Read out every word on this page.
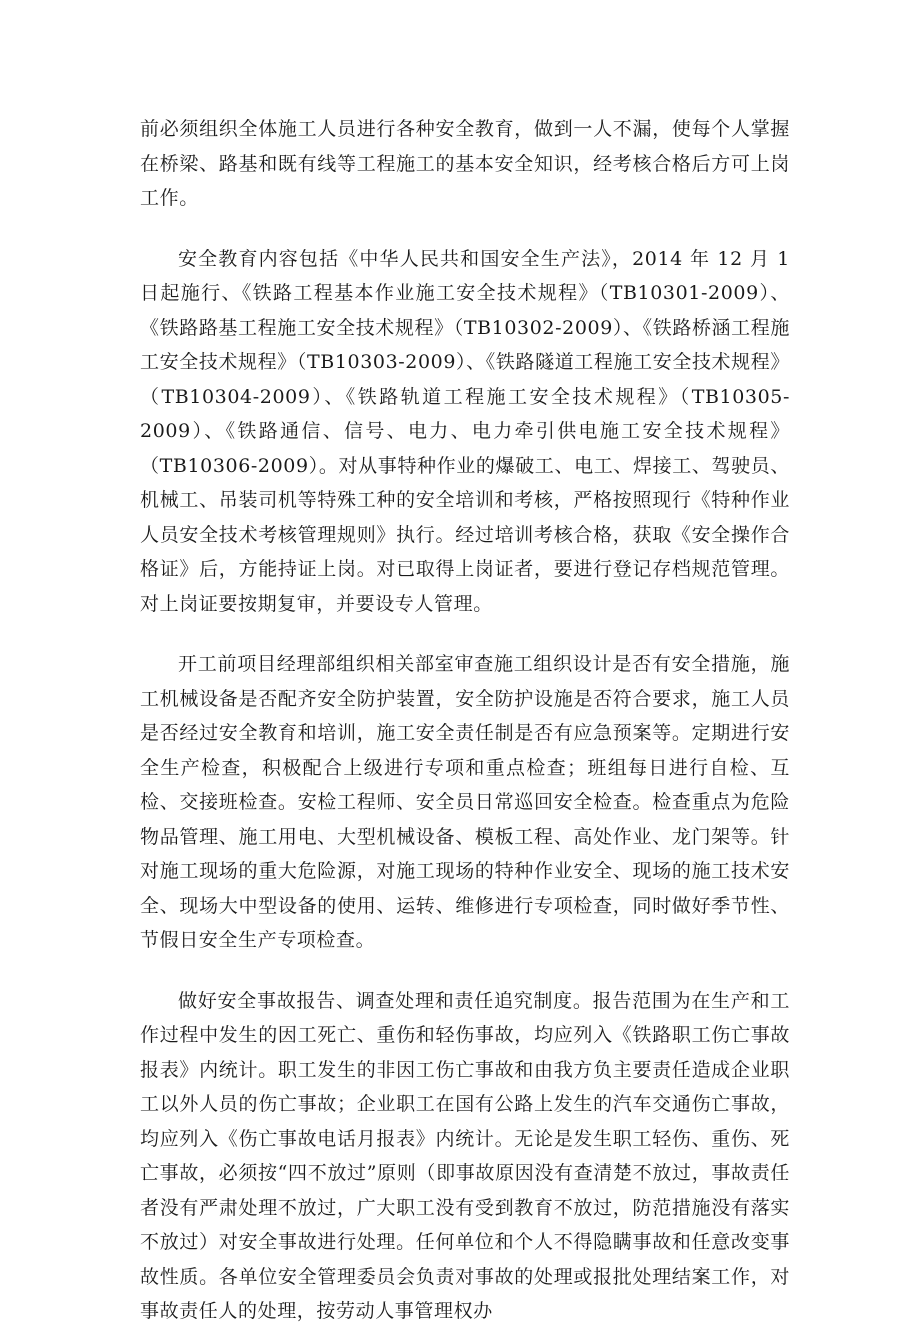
前必须组织全体施工人员进行各种安全教育，做到一人不漏，使每个人掌握在桥梁、路基和既有线等工程施工的基本安全知识，经考核合格后方可上岗工作。

安全教育内容包括《中华人民共和国安全生产法》，2014 年 12 月 1 日起施行、《铁路工程基本作业施工安全技术规程》（TB10301-2009）、《铁路路基工程施工安全技术规程》（TB10302-2009）、《铁路桥涵工程施工安全技术规程》（TB10303-2009）、《铁路隧道工程施工安全技术规程》（TB10304-2009）、《铁路轨道工程施工安全技术规程》（TB10305-2009）、《铁路通信、信号、电力、电力牵引供电施工安全技术规程》（TB10306-2009）。对从事特种作业的爆破工、电工、焊接工、驾驶员、机械工、吊装司机等特殊工种的安全培训和考核，严格按照现行《特种作业人员安全技术考核管理规则》执行。经过培训考核合格，获取《安全操作合格证》后，方能持证上岗。对已取得上岗证者，要进行登记存档规范管理。对上岗证要按期复审，并要设专人管理。

开工前项目经理部组织相关部室审查施工组织设计是否有安全措施，施工机械设备是否配齐安全防护装置，安全防护设施是否符合要求，施工人员是否经过安全教育和培训，施工安全责任制是否有应急预案等。定期进行安全生产检查，积极配合上级进行专项和重点检查；班组每日进行自检、互检、交接班检查。安检工程师、安全员日常巡回安全检查。检查重点为危险物品管理、施工用电、大型机械设备、模板工程、高处作业、龙门架等。针对施工现场的重大危险源，对施工现场的特种作业安全、现场的施工技术安全、现场大中型设备的使用、运转、维修进行专项检查，同时做好季节性、节假日安全生产专项检查。

做好安全事故报告、调查处理和责任追究制度。报告范围为在生产和工作过程中发生的因工死亡、重伤和轻伤事故，均应列入《铁路职工伤亡事故报表》内统计。职工发生的非因工伤亡事故和由我方负主要责任造成企业职工以外人员的伤亡事故；企业职工在国有公路上发生的汽车交通伤亡事故，均应列入《伤亡事故电话月报表》内统计。无论是发生职工轻伤、重伤、死亡事故，必须按“四不放过”原则（即事故原因没有查清楚不放过，事故责任者没有严肃处理不放过，广大职工没有受到教育不放过，防范措施没有落实不放过）对安全事故进行处理。任何单位和个人不得隐瞒事故和任意改变事故性质。各单位安全管理委员会负责对事故的处理或报批处理结案工作，对事故责任人的处理，按劳动人事管理权办
